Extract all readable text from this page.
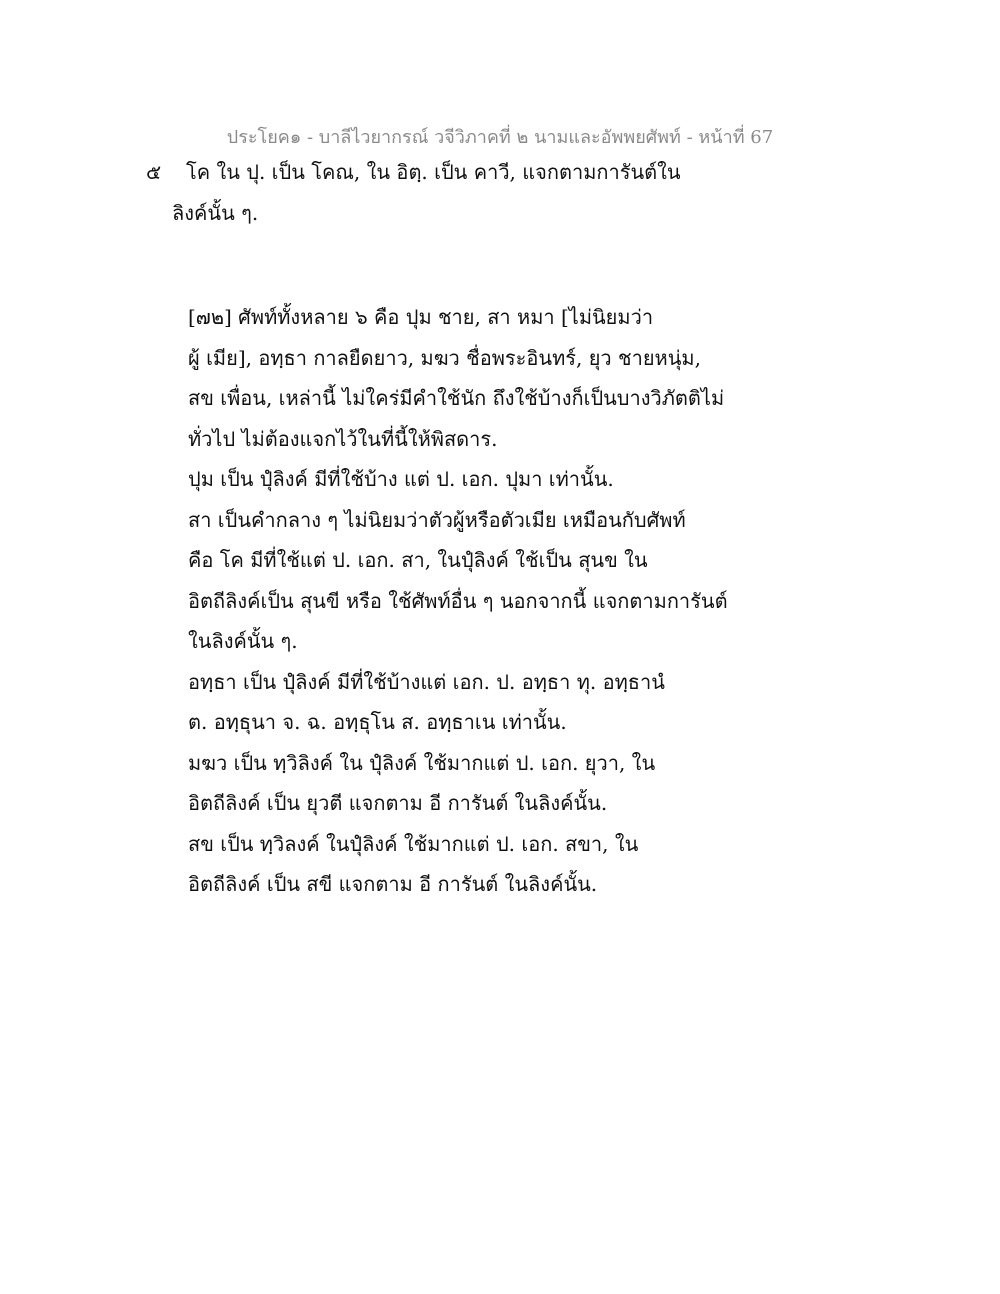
ประโยค๑ - บาลีไวยากรณ์ วจีวิภาคที่ ๒ นามและอัพพยศัพท์ - หน้าที่ 67

๕ โค ใน ปุ. เป็น โคณ, ใน อิตฺ. เป็น คาวี, แจกตามการันต์ใน
ลิงค์นั้น ๆ.

[๗๒] ศัพท์ทั้งหลาย ๖ คือ ปุม ชาย, สา หมา [ไม่นิยมว่า
ผู้ เมีย], อทฺธา กาลยืดยาว, มฆว ชื่อพระอินทร์, ยุว ชายหนุ่ม,
สข เพื่อน, เหล่านี้ ไม่ใคร่มีคำใช้นัก ถึงใช้บ้างก็เป็นบางวิภัตติไม่
ทั่วไป ไม่ต้องแจกไว้ในที่นี้ให้พิสดาร.

ปุม เป็น ปุํลิงค์ มีที่ใช้บ้าง แต่ ป. เอก. ปุมา เท่านั้น.

สา เป็นคำกลาง ๆ ไม่นิยมว่าตัวผู้หรือตัวเมีย เหมือนกับศัพท์
คือ โค มีที่ใช้แต่ ป. เอก. สา, ในปุํลิงค์ ใช้เป็น สุนข ใน
อิตถีลิงค์เป็น สุนขี หรือ ใช้ศัพท์อื่น ๆ นอกจากนี้ แจกตามการันต์
ในลิงค์นั้น ๆ.

อทฺธา เป็น ปุํลิงค์ มีที่ใช้บ้างแต่ เอก. ป. อทฺธา ทุ. อทฺธานํ
ต. อทฺธุนา จ. ฉ. อทฺธุโน ส. อทฺธาเน เท่านั้น.

มฆว เป็น ทฺวิลิงค์ ใน ปุํลิงค์ ใช้มากแต่ ป. เอก. ยุวา, ใน
อิตถีลิงค์ เป็น ยุวตี แจกตาม อี การันต์ ในลิงค์นั้น.

สข เป็น ทฺวิลงค์ ในปุํลิงค์ ใช้มากแต่ ป. เอก. สขา, ใน
อิตถีลิงค์ เป็น สขี แจกตาม อี การันต์ ในลิงค์นั้น.
